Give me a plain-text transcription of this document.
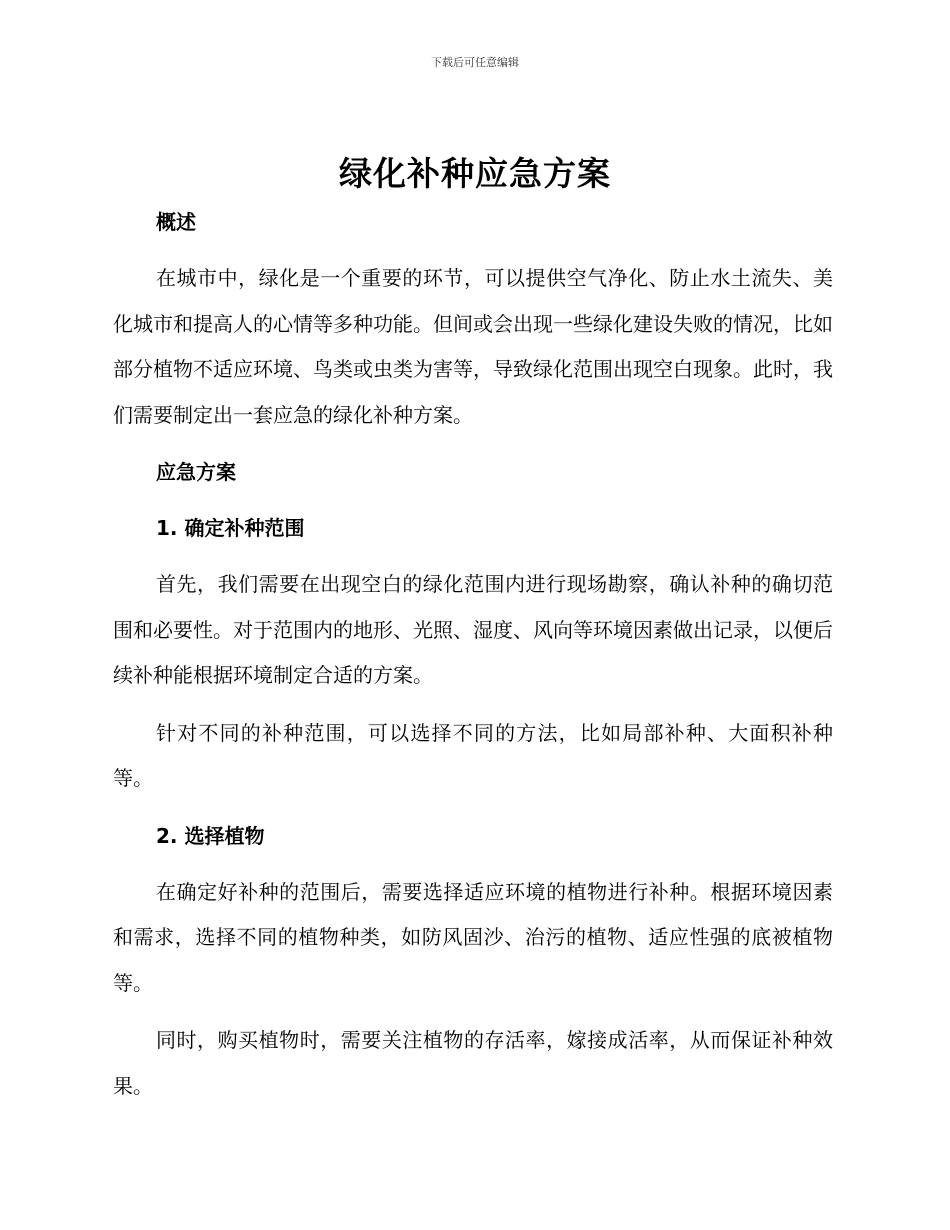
下载后可任意编辑
绿化补种应急方案
概述

在城市中，绿化是一个重要的环节，可以提供空气净化、防止水土流失、美化城市和提高人的心情等多种功能。但间或会出现一些绿化建设失败的情况，比如部分植物不适应环境、鸟类或虫类为害等，导致绿化范围出现空白现象。此时，我们需要制定出一套应急的绿化补种方案。

应急方案
1. 确定补种范围

首先，我们需要在出现空白的绿化范围内进行现场勘察，确认补种的确切范围和必要性。对于范围内的地形、光照、湿度、风向等环境因素做出记录，以便后续补种能根据环境制定合适的方案。

针对不同的补种范围，可以选择不同的方法，比如局部补种、大面积补种等。

2. 选择植物

在确定好补种的范围后，需要选择适应环境的植物进行补种。根据环境因素和需求，选择不同的植物种类，如防风固沙、治污的植物、适应性强的底被植物等。

同时，购买植物时，需要关注植物的存活率，嫁接成活率，从而保证补种效果。
